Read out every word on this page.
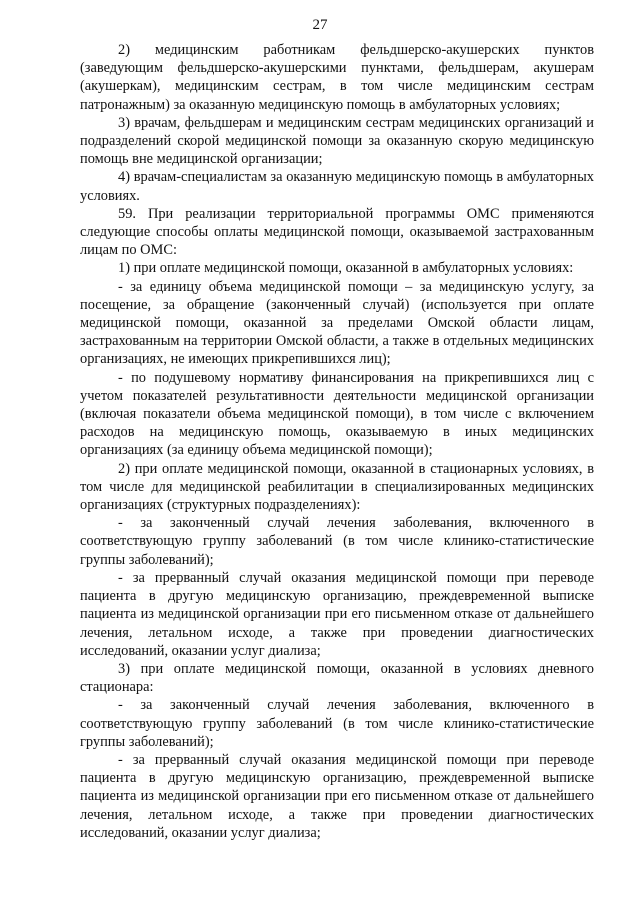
27

2) медицинским работникам фельдшерско-акушерских пунктов (заведующим фельдшерско-акушерскими пунктами, фельдшерам, акушерам (акушеркам), медицинским сестрам, в том числе медицинским сестрам патронажным) за оказанную медицинскую помощь в амбулаторных условиях;

3) врачам, фельдшерам и медицинским сестрам медицинских организаций и подразделений скорой медицинской помощи за оказанную скорую медицинскую помощь вне медицинской организации;

4) врачам-специалистам за оказанную медицинскую помощь в амбулаторных условиях.

59. При реализации территориальной программы ОМС применяются следующие способы оплаты медицинской помощи, оказываемой застрахованным лицам по ОМС:

1) при оплате медицинской помощи, оказанной в амбулаторных условиях:

- за единицу объема медицинской помощи – за медицинскую услугу, за посещение, за обращение (законченный случай) (используется при оплате медицинской помощи, оказанной за пределами Омской области лицам, застрахованным на территории Омской области, а также в отдельных медицинских организациях, не имеющих прикрепившихся лиц);

- по подушевому нормативу финансирования на прикрепившихся лиц с учетом показателей результативности деятельности медицинской организации (включая показатели объема медицинской помощи), в том числе с включением расходов на медицинскую помощь, оказываемую в иных медицинских организациях (за единицу объема медицинской помощи);

2) при оплате медицинской помощи, оказанной в стационарных условиях, в том числе для медицинской реабилитации в специализированных медицинских организациях (структурных подразделениях):

- за законченный случай лечения заболевания, включенного в соответствующую группу заболеваний (в том числе клинико-статистические группы заболеваний);

- за прерванный случай оказания медицинской помощи при переводе пациента в другую медицинскую организацию, преждевременной выписке пациента из медицинской организации при его письменном отказе от дальнейшего лечения, летальном исходе, а также при проведении диагностических исследований, оказании услуг диализа;

3) при оплате медицинской помощи, оказанной в условиях дневного стационара:

- за законченный случай лечения заболевания, включенного в соответствующую группу заболеваний (в том числе клинико-статистические группы заболеваний);

- за прерванный случай оказания медицинской помощи при переводе пациента в другую медицинскую организацию, преждевременной выписке пациента из медицинской организации при его письменном отказе от дальнейшего лечения, летальном исходе, а также при проведении диагностических исследований, оказании услуг диализа;
